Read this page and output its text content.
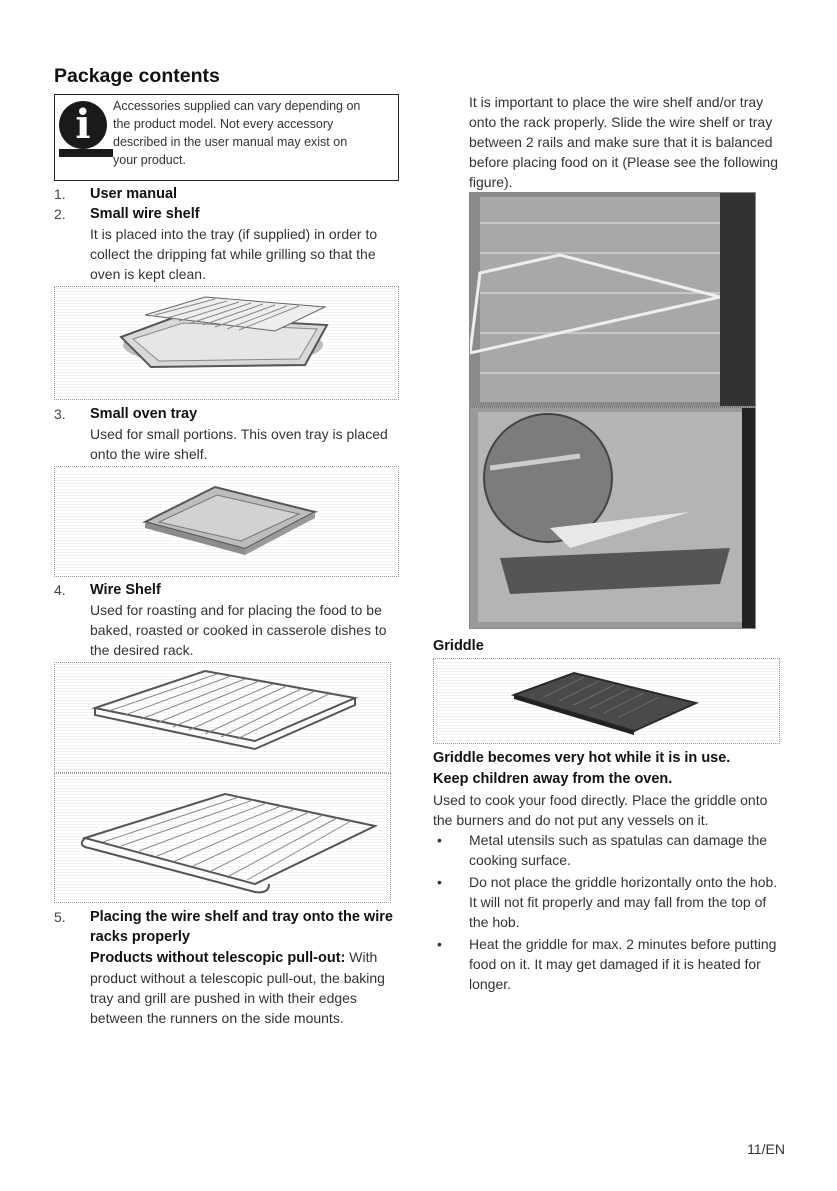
Package contents
i	Accessories supplied can vary depending on
the product model. Not every accessory
described in the user manual may exist on
your product.
1. User manual
2. Small wire shelf
It is placed into the tray (if supplied) in order to collect the dripping fat while grilling so that the oven is kept clean.
3. Small oven tray
Used for small portions. This oven tray is placed onto the wire shelf.
4. Wire Shelf
Used for roasting and for placing the food to be baked, roasted or cooked in casserole dishes to the desired rack.
5. Placing the wire shelf and tray onto the wire racks properly
Products without telescopic pull-out: With product without a telescopic pull-out, the baking tray and grill are pushed in with their edges between the runners on the side mounts.
It is important to place the wire shelf and/or tray onto the rack properly. Slide the wire shelf or tray between 2 rails and make sure that it is balanced before placing food on it (Please see the following figure).
Griddle
Griddle becomes very hot while it is in use.
Keep children away from the oven.
Used to cook your food directly. Place the griddle onto the burners and do not put any vessels on it.
• Metal utensils such as spatulas can damage the cooking surface.
• Do not place the griddle horizontally onto the hob. It will not fit properly and may fall from the top of the hob.
• Heat the griddle for max. 2 minutes before putting food on it. It may get damaged if it is heated for longer.
11/EN
